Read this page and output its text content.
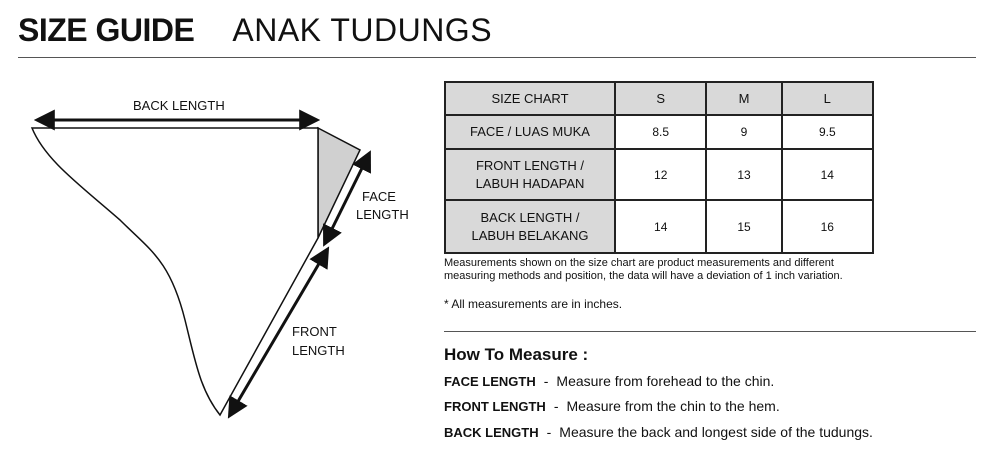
SIZE GUIDE ANAK TUDUNGS
BACK LENGTH
FACE
LENGTH
FRONT
LENGTH
SIZE CHART	S	M	L

FACE / LUAS MUKA	8.5	9	9.5

FRONT LENGTH /
LABUH HADAPAN	12	13	14

BACK LENGTH /
LABUH BELAKANG	14	15	16
Measurements shown on the size chart are product measurements and different
measuring methods and position, the data will have a deviation of 1 inch variation.
* All measurements are in inches.
How To Measure :
FACE LENGTH - Measure from forehead to the chin.
FRONT LENGTH - Measure from the chin to the hem.
BACK LENGTH - Measure the back and longest side of the tudungs.
